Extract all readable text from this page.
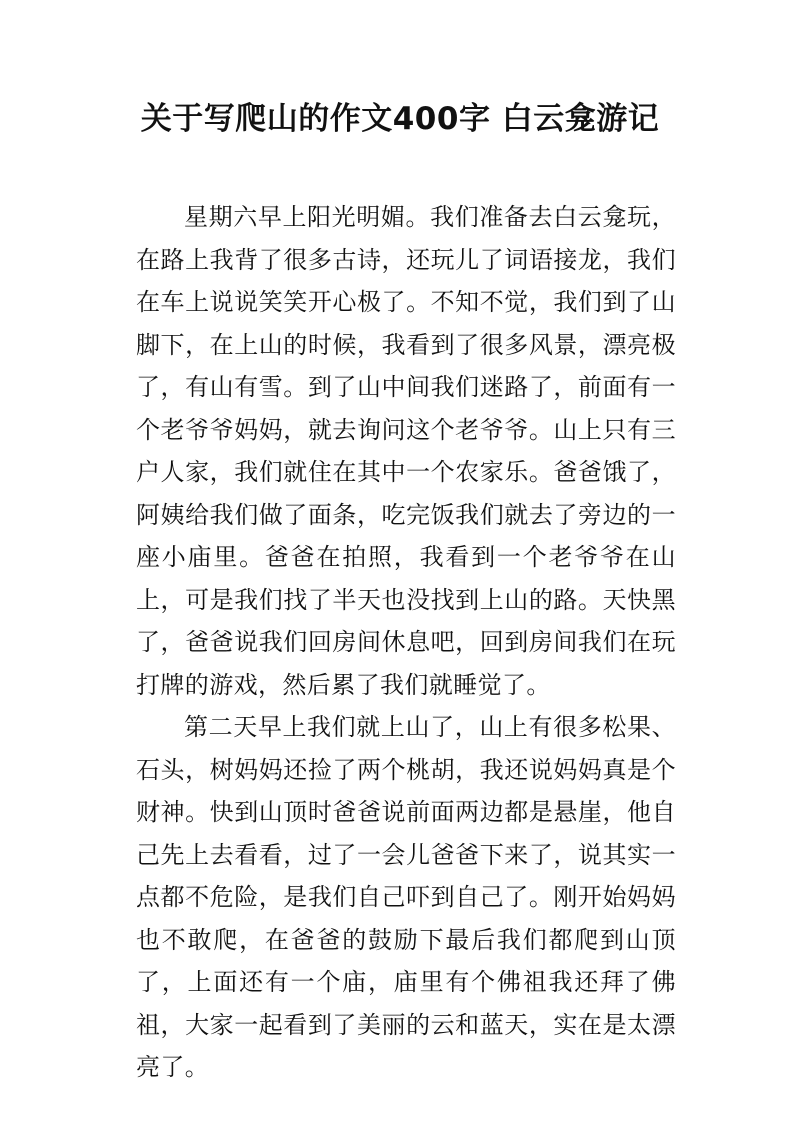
关于写爬山的作文400字 白云龛游记

星期六早上阳光明媚。我们准备去白云龛玩，在路上我背了很多古诗，还玩儿了词语接龙，我们在车上说说笑笑开心极了。不知不觉，我们到了山脚下，在上山的时候，我看到了很多风景，漂亮极了，有山有雪。到了山中间我们迷路了，前面有一个老爷爷妈妈，就去询问这个老爷爷。山上只有三户人家，我们就住在其中一个农家乐。爸爸饿了，阿姨给我们做了面条，吃完饭我们就去了旁边的一座小庙里。爸爸在拍照，我看到一个老爷爷在山上，可是我们找了半天也没找到上山的路。天快黑了，爸爸说我们回房间休息吧，回到房间我们在玩打牌的游戏，然后累了我们就睡觉了。

第二天早上我们就上山了，山上有很多松果、石头，树妈妈还捡了两个桃胡，我还说妈妈真是个财神。快到山顶时爸爸说前面两边都是悬崖，他自己先上去看看，过了一会儿爸爸下来了，说其实一点都不危险，是我们自己吓到自己了。刚开始妈妈也不敢爬，在爸爸的鼓励下最后我们都爬到山顶了，上面还有一个庙，庙里有个佛祖我还拜了佛祖，大家一起看到了美丽的云和蓝天，实在是太漂亮了。
